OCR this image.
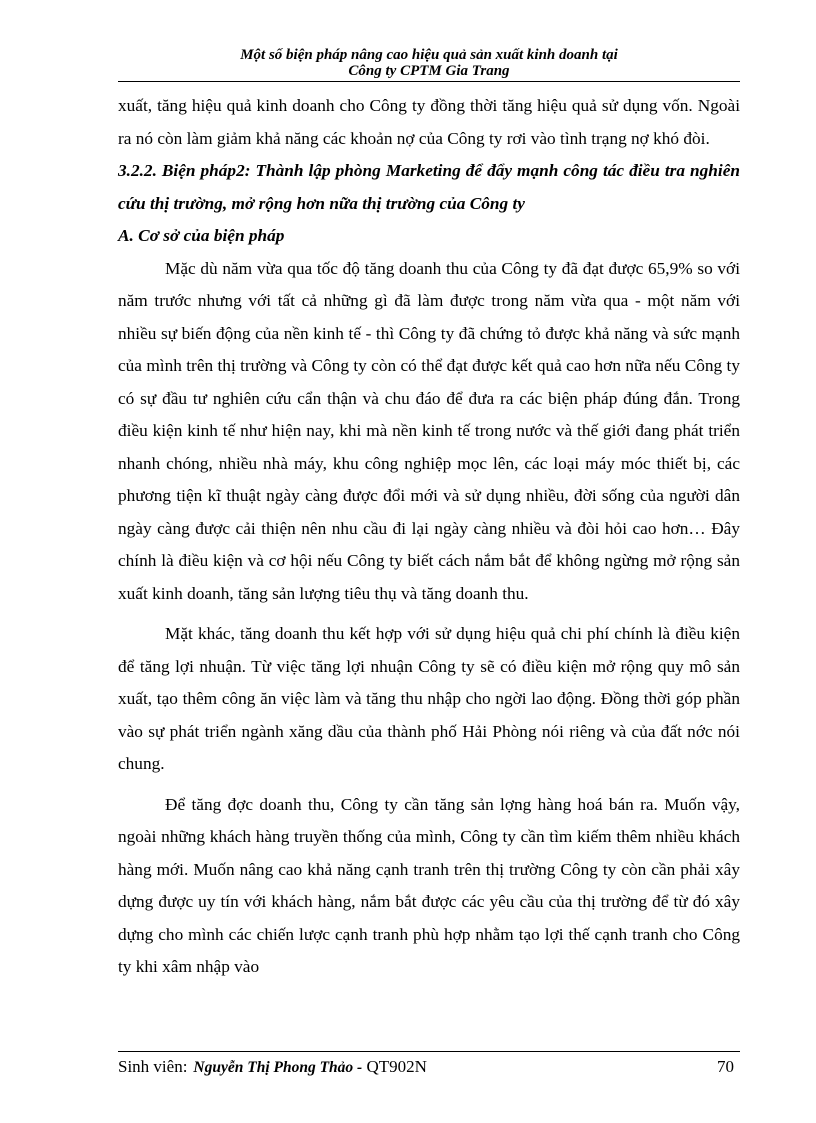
Một số biện pháp nâng cao hiệu quả sản xuất kinh doanh tại
Công ty CPTM Gia Trang

xuất, tăng hiệu quả kinh doanh cho Công ty đồng thời tăng hiệu quả sử dụng vốn. Ngoài ra nó còn làm giảm khả năng các khoản nợ của Công ty rơi vào tình trạng nợ khó đòi.

3.2.2. Biện pháp2: Thành lập phòng Marketing để đẩy mạnh công tác điều tra nghiên cứu thị trường, mở rộng hơn nữa thị trường của Công ty

A. Cơ sở của biện pháp

Mặc dù năm vừa qua tốc độ tăng doanh thu của Công ty đã đạt được 65,9% so với năm trước nhưng với tất cả những gì đã làm được trong năm vừa qua - một năm với nhiều sự biến động của nền kinh tế - thì Công ty đã chứng tỏ được khả năng và sức mạnh của mình trên thị trường và Công ty còn có thể đạt được kết quả cao hơn nữa nếu Công ty có sự đầu tư nghiên cứu cẩn thận và chu đáo để đưa ra các biện pháp đúng đắn. Trong điều kiện kinh tế như hiện nay, khi mà nền kinh tế trong nước và thế giới đang phát triển nhanh chóng, nhiều nhà máy, khu công nghiệp mọc lên, các loại máy móc thiết bị, các phương tiện kĩ thuật ngày càng được đổi mới và sử dụng nhiều, đời sống của người dân ngày càng được cải thiện nên nhu cầu đi lại ngày càng nhiều và đòi hỏi cao hơn… Đây chính là điều kiện và cơ hội nếu Công ty biết cách nắm bắt để không ngừng mở rộng sản xuất kinh doanh, tăng sản lượng tiêu thụ và tăng doanh thu.

Mặt khác, tăng doanh thu kết hợp với sử dụng hiệu quả chi phí chính là điều kiện để tăng lợi nhuận. Từ việc tăng lợi nhuận Công ty sẽ có điều kiện mở rộng quy mô sản xuất, tạo thêm công ăn việc làm và tăng thu nhập cho ngời lao động. Đồng thời góp phần vào sự phát triển ngành xăng dầu của thành phố Hải Phòng nói riêng và của đất nớc nói chung.

Để tăng đợc doanh thu, Công ty cần tăng sản lợng hàng hoá bán ra. Muốn vậy, ngoài những khách hàng truyền thống của mình, Công ty cần tìm kiếm thêm nhiều khách hàng mới. Muốn nâng cao khả năng cạnh tranh trên thị trường Công ty còn cần phải xây dựng được uy tín với khách hàng, nắm bắt được các yêu cầu của thị trường để từ đó xây dựng cho mình các chiến lược cạnh tranh phù hợp nhằm tạo lợi thế cạnh tranh cho Công ty khi xâm nhập vào

Sinh viên: Nguyễn Thị Phong Thảo - QT902N	70
